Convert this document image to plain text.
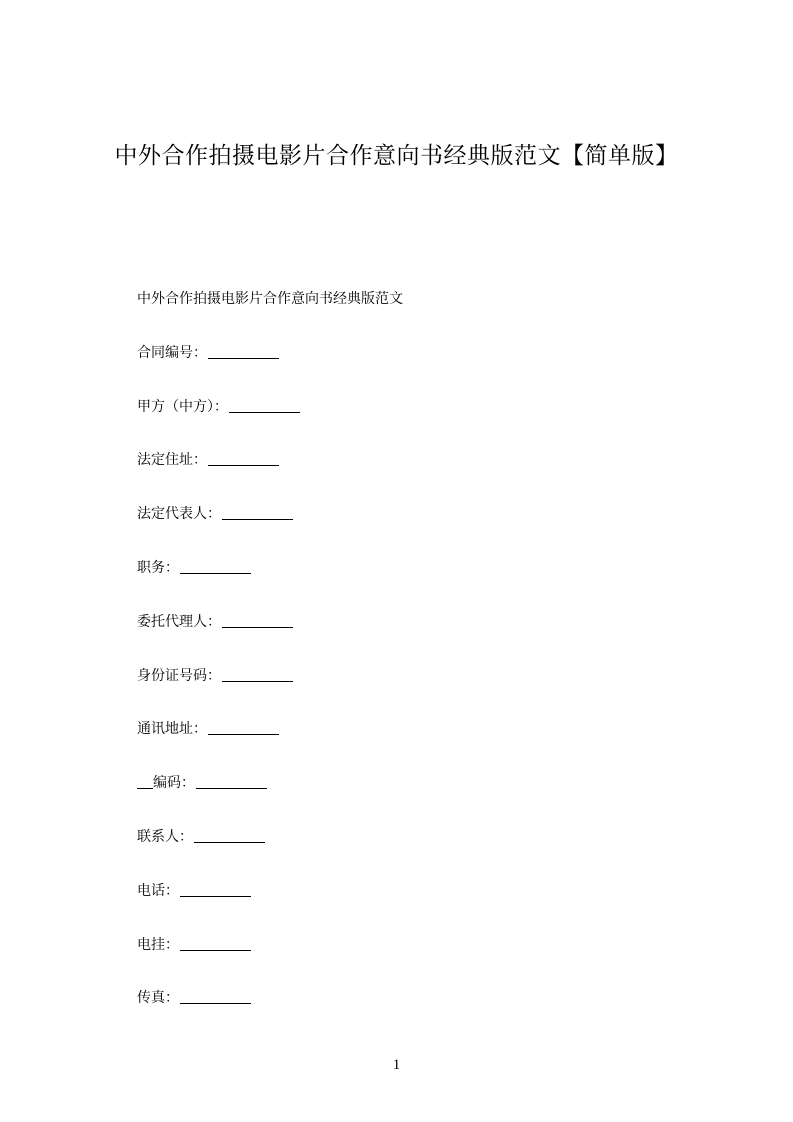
中外合作拍摄电影片合作意向书经典版范文【简单版】
中外合作拍摄电影片合作意向书经典版范文
合同编号：
甲方（中方）：
法定住址：
法定代表人：
职务：
委托代理人：
身份证号码：
通讯地址：
编码：
联系人：
电话：
电挂：
传真：
1
